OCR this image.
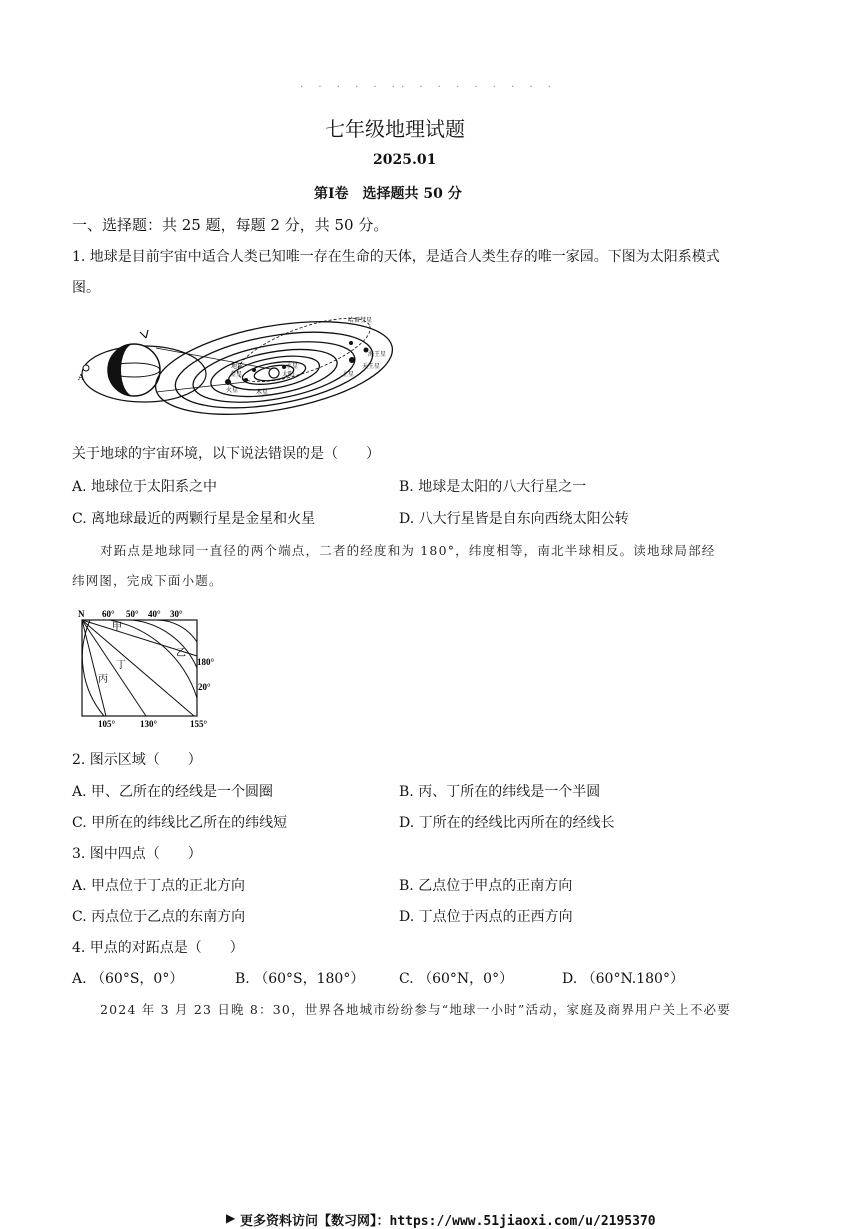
· · · · · ·· · · · · · · · ·
七年级地理试题
2025.01
第Ⅰ卷　选择题共 50 分
一、选择题：共 25 题，每题 2 分，共 50 分。
1. 地球是目前宇宙中适合人类已知唯一存在生命的天体，是适合人类生存的唯一家园。下图为太阳系模式
图。
A
哈雷彗星
海王星
天王星
土星
水星
太阳
地球
金星
火星	木星
关于地球的宇宙环境，以下说法错误的是（　　）
A. 地球位于太阳系之中	B. 地球是太阳的八大行星之一
C. 离地球最近的两颗行星是金星和火星	D. 八大行星皆是自东向西绕太阳公转
对跖点是地球同一直径的两个端点，二者的经度和为 180°，纬度相等，南北半球相反。读地球局部经
纬网图，完成下面小题。
N 60° 50° 40° 30°
180°
20°
105°	130°	155°
甲
乙
丙
丁
2. 图示区域（　　）
A. 甲、乙所在的经线是一个圆圈	B. 丙、丁所在的纬线是一个半圆
C. 甲所在的纬线比乙所在的纬线短	D. 丁所在的经线比丙所在的经线长
3. 图中四点（　　）
A. 甲点位于丁点的正北方向	B. 乙点位于甲点的正南方向
C. 丙点位于乙点的东南方向	D. 丁点位于丙点的正西方向
4. 甲点的对跖点是（　　）
A. （60°S，0°）	B. （60°S，180°） C. （60°N，0°）	D. （60°N.180°）
2024 年 3 月 23 日晚 8：30，世界各地城市纷纷参与“地球一小时”活动，家庭及商界用户关上不必要
▶ 更多资料访问【数习网】：https://www.51jiaoxi.com/u/2195370
